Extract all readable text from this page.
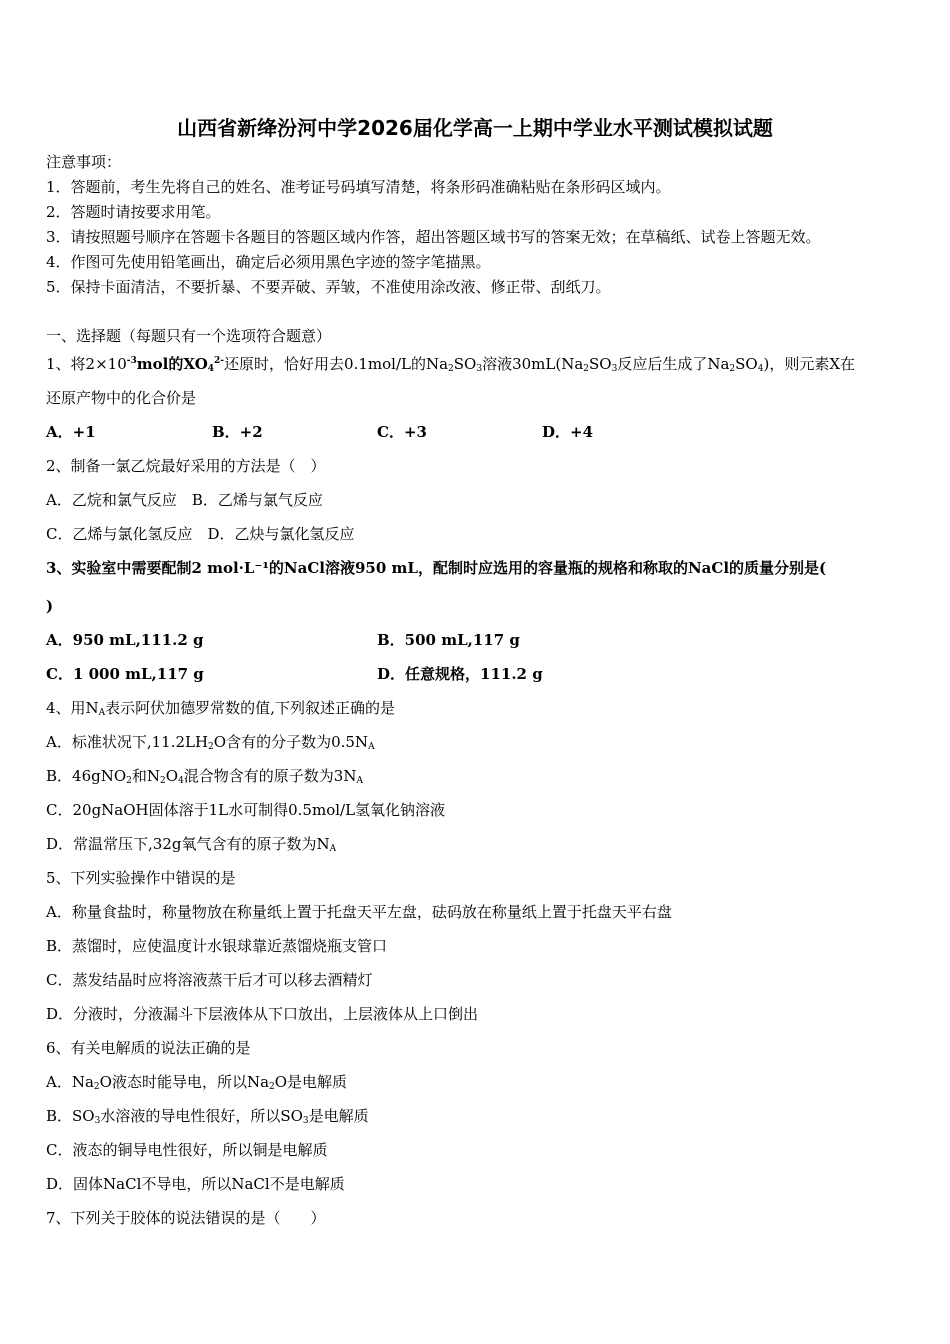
山西省新绛汾河中学2026届化学高一上期中学业水平测试模拟试题
注意事项：
1．答题前，考生先将自己的姓名、准考证号码填写清楚，将条形码准确粘贴在条形码区域内。
2．答题时请按要求用笔。
3．请按照题号顺序在答题卡各题目的答题区域内作答，超出答题区域书写的答案无效；在草稿纸、试卷上答题无效。
4．作图可先使用铅笔画出，确定后必须用黑色字迹的签字笔描黑。
5．保持卡面清洁，不要折暴、不要弄破、弄皱，不准使用涂改液、修正带、刮纸刀。
一、选择题（每题只有一个选项符合题意）
1、将$2\times 10^{-3}mol$的$XO_4^{2-}$还原时，恰好用去0.1mol/L的$Na_2SO_3$溶液$30mL(Na_2SO_3$反应后生成了$Na_2SO_4$)，则元素X在
还原产物中的化合价是
A．+1	B．+2	C．+3	D．+4
2、制备一氯乙烷最好采用的方法是（　）
A．乙烷和氯气反应　B．乙烯与氯气反应
C．乙烯与氯化氢反应　D．乙炔与氯化氢反应
3、实验室中需要配制2 mol·L⁻¹的NaCl溶液950 mL，配制时应选用的容量瓶的规格和称取的NaCl的质量分别是(
)
A．950 mL,111.2 g	B．500 mL,117 g
C．1 000 mL,117 g	D．任意规格，111.2 g
4、用$N_A$表示阿伏加德罗常数的值,下列叙述正确的是
A．标准状况下$,11.2LH_2O$含有的分子数为$0.5N_A$
B．46gNO$_2$和$N_2O_4$混合物含有的原子数为$3N_A$
C．20gNaOH固体溶于1L水可制得0.5mol/L氢氧化钠溶液
D．常温常压下,32g氧气含有的原子数为$N_A$
5、下列实验操作中错误的是
A．称量食盐时，称量物放在称量纸上置于托盘天平左盘，砝码放在称量纸上置于托盘天平右盘
B．蒸馏时，应使温度计水银球靠近蒸馏烧瓶支管口
C．蒸发结晶时应将溶液蒸干后才可以移去酒精灯
D．分液时，分液漏斗下层液体从下口放出，上层液体从上口倒出
6、有关电解质的说法正确的是
A．$Na_2O$液态时能导电，所以$Na_2O$是电解质
B．$SO_3$水溶液的导电性很好，所以$SO_3$是电解质
C．液态的铜导电性很好，所以铜是电解质
D．固体NaCl不导电，所以NaCl不是电解质
7、下列关于胶体的说法错误的是（　　）
